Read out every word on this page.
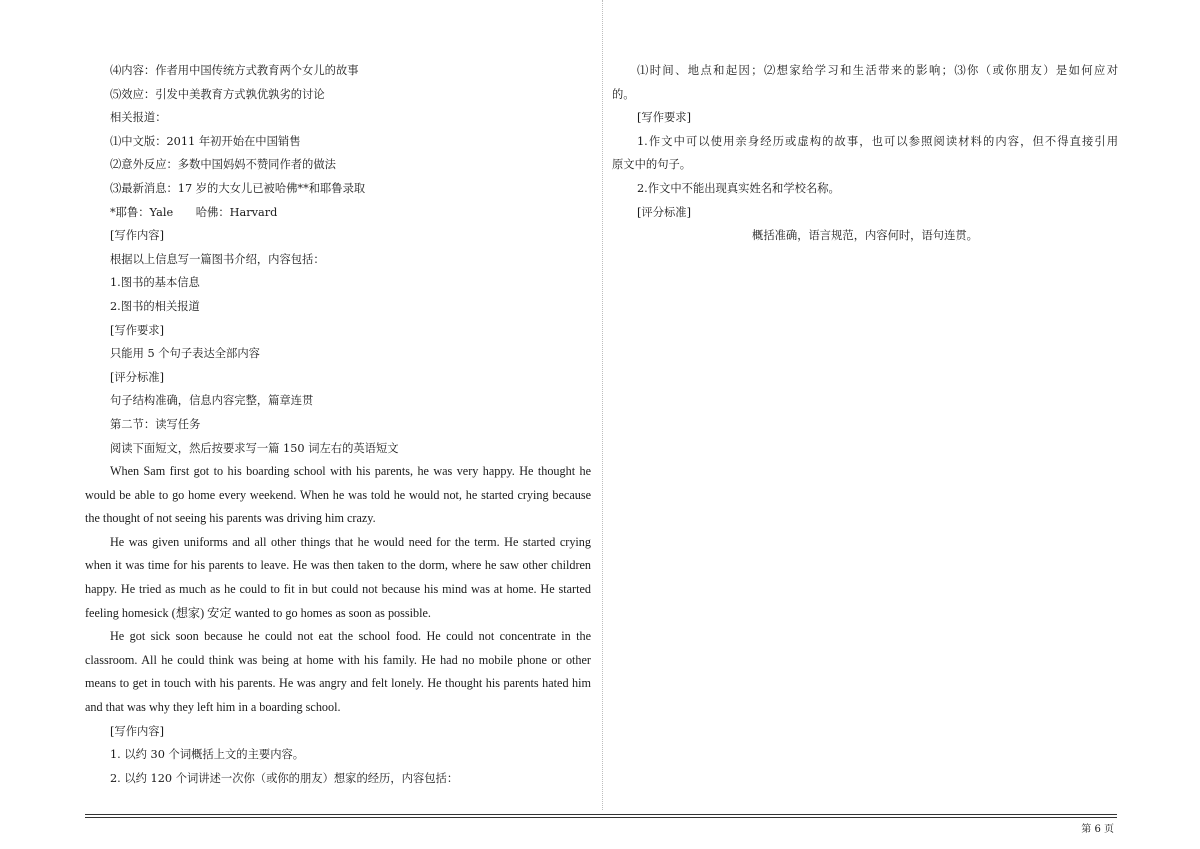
⑷内容：作者用中国传统方式教育两个女儿的故事
⑸效应：引发中美教育方式孰优孰劣的讨论
相关报道：
⑴中文版：2011 年初开始在中国销售
⑵意外反应：多数中国妈妈不赞同作者的做法
⑶最新消息：17 岁的大女儿已被哈佛**和耶鲁录取
*耶鲁：Yale　　哈佛：Harvard
[写作内容]
根据以上信息写一篇图书介绍，内容包括：
1.图书的基本信息
2.图书的相关报道
[写作要求]
只能用 5 个句子表达全部内容
[评分标准]
句子结构准确，信息内容完整，篇章连贯
第二节：读写任务
阅读下面短文，然后按要求写一篇 150 词左右的英语短文
When Sam first got to his boarding school with his parents, he was very happy. He thought he
would be able to go home every weekend. When he was told he would not, he started crying because
the thought of not seeing his parents was driving him crazy.
He was given uniforms and all other things that he would need for the term. He started crying
when it was time for his parents to leave. He was then taken to the dorm, where he saw other children
happy. He tried as much as he could to fit in but could not because his mind was at home. He started
feeling homesick (想家) 安定 wanted to go homes as soon as possible.
He got sick soon because he could not eat the school food. He could not concentrate in the
classroom. All he could think was being at home with his family. He had no mobile phone or other
means to get in touch with his parents. He was angry and felt lonely. He thought his parents hated him
and that was why they left him in a boarding school.
[写作内容]
1. 以约 30 个词概括上文的主要内容。
2. 以约 120 个词讲述一次你（或你的朋友）想家的经历，内容包括：
⑴时间、地点和起因；⑵想家给学习和生活带来的影响；⑶你（或你朋友）是如何应对
的。
[写作要求]
1.作文中可以使用亲身经历或虚构的故事，也可以参照阅读材料的内容，但不得直接引用
原文中的句子。
2.作文中不能出现真实姓名和学校名称。
[评分标准]
概括准确，语言规范，内容何时，语句连贯。
第 6 页
